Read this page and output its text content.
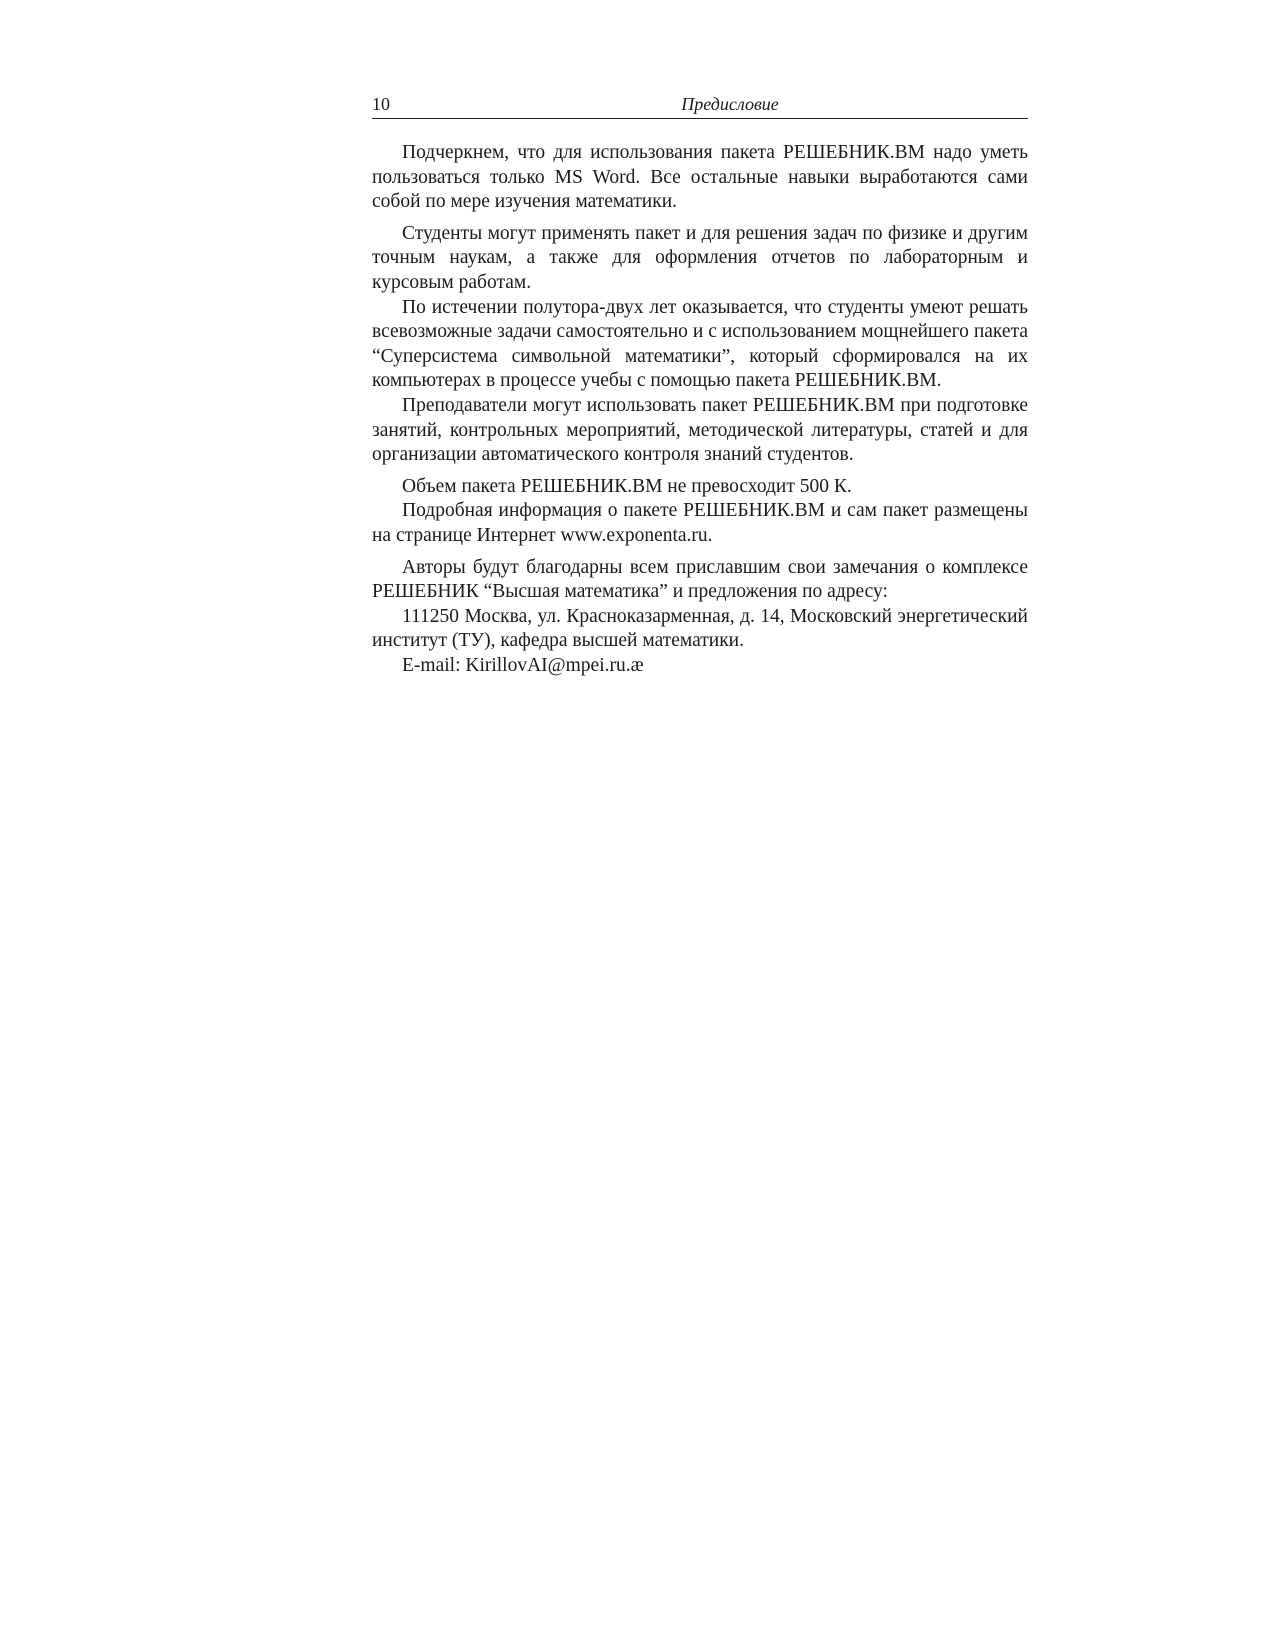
10	Предисловие

Подчеркнем, что для использования пакета РЕШЕБНИК.ВМ надо уметь пользоваться только MS Word. Все остальные навыки выработаются сами собой по мере изучения математики.

Студенты могут применять пакет и для решения задач по физике и другим точным наукам, а также для оформления отчетов по лабораторным и курсовым работам.

По истечении полутора-двух лет оказывается, что студенты умеют решать всевозможные задачи самостоятельно и с использованием мощнейшего пакета “Суперсистема символьной математики”, который сформировался на их компьютерах в процессе учебы с помощью пакета РЕШЕБНИК.ВМ.

Преподаватели могут использовать пакет РЕШЕБНИК.ВМ при подготовке занятий, контрольных мероприятий, методической литературы, статей и для организации автоматического контроля знаний студентов.

Объем пакета РЕШЕБНИК.ВМ не превосходит 500 К.

Подробная информация о пакете РЕШЕБНИК.ВМ и сам пакет размещены на странице Интернет www.exponenta.ru.

Авторы будут благодарны всем приславшим свои замечания о комплексе РЕШЕБНИК “Высшая математика” и предложения по адресу:

111250 Москва, ул. Красноказарменная, д. 14, Московский энергетический институт (ТУ), кафедра высшей математики.

E-mail: KirillovAI@mpei.ru.æ
